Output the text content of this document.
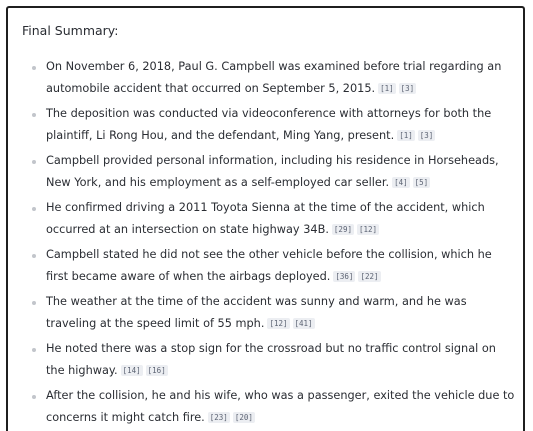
Final Summary:
On November 6, 2018, Paul G. Campbell was examined before trial regarding an
automobile accident that occurred on September 5, 2015. [1] [3]
The deposition was conducted via videoconference with attorneys for both the
plaintiff, Li Rong Hou, and the defendant, Ming Yang, present. [1] [3]
Campbell provided personal information, including his residence in Horseheads,
New York, and his employment as a self-employed car seller. [4] [5]
He confirmed driving a 2011 Toyota Sienna at the time of the accident, which
occurred at an intersection on state highway 34B. [29] [12]
Campbell stated he did not see the other vehicle before the collision, which he
first became aware of when the airbags deployed. [36] [22]
The weather at the time of the accident was sunny and warm, and he was
traveling at the speed limit of 55 mph. [12] [41]
He noted there was a stop sign for the crossroad but no traffic control signal on
the highway. [14] [16]
After the collision, he and his wife, who was a passenger, exited the vehicle due to
concerns it might catch fire. [23] [20]
